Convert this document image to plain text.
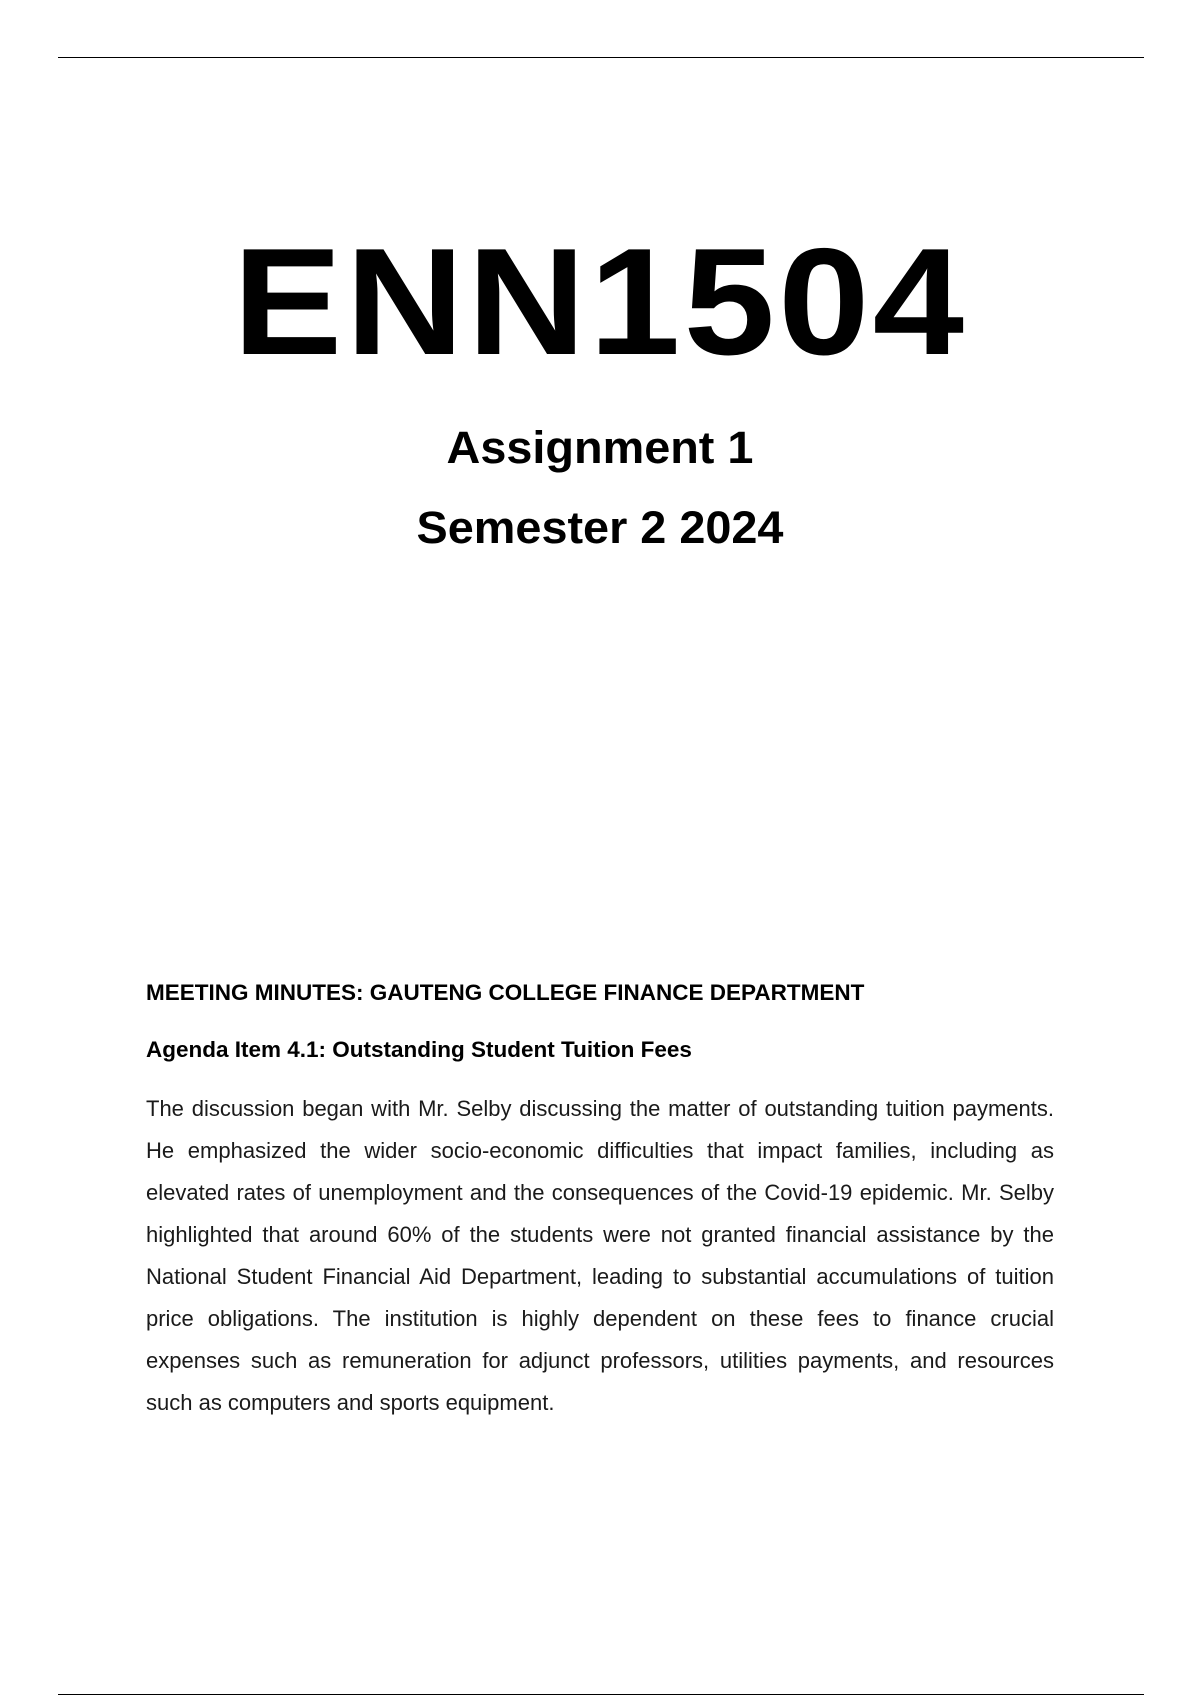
ENN1504
Assignment 1
Semester 2 2024

MEETING MINUTES: GAUTENG COLLEGE FINANCE DEPARTMENT

Agenda Item 4.1: Outstanding Student Tuition Fees

The discussion began with Mr. Selby discussing the matter of outstanding tuition payments. He emphasized the wider socio-economic difficulties that impact families, including as elevated rates of unemployment and the consequences of the Covid-19 epidemic. Mr. Selby highlighted that around 60% of the students were not granted financial assistance by the National Student Financial Aid Department, leading to substantial accumulations of tuition price obligations. The institution is highly dependent on these fees to finance crucial expenses such as remuneration for adjunct professors, utilities payments, and resources such as computers and sports equipment.
